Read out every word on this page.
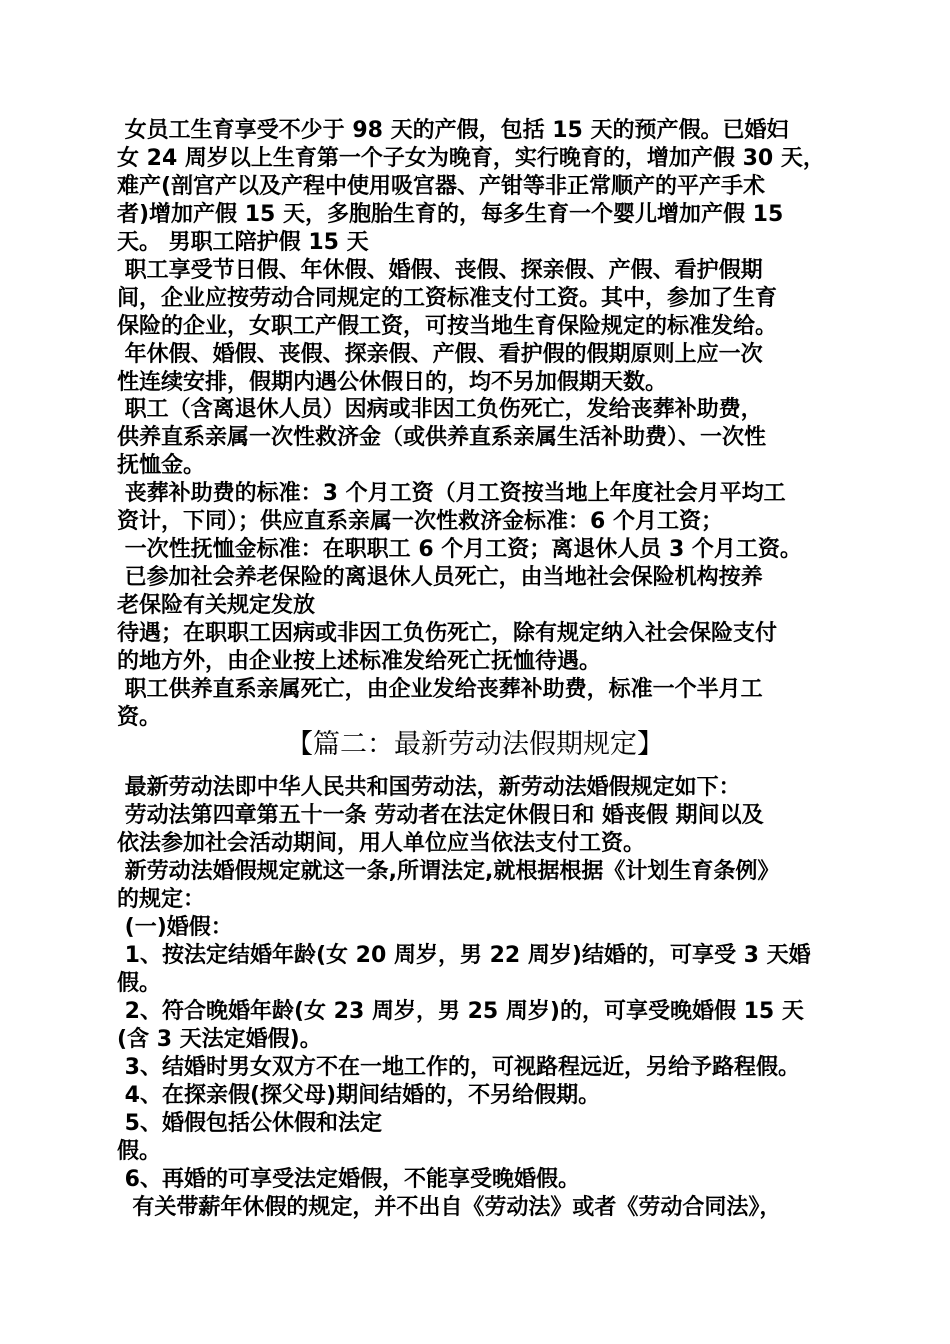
女员工生育享受不少于 98 天的产假，包括 15 天的预产假。已婚妇
女 24 周岁以上生育第一个子女为晚育，实行晚育的，增加产假 30 天，
难产(剖宫产以及产程中使用吸宫器、产钳等非正常顺产的平产手术
者)增加产假 15 天，多胞胎生育的，每多生育一个婴儿增加产假 15
天。 男职工陪护假 15 天
职工享受节日假、年休假、婚假、丧假、探亲假、产假、看护假期
间，企业应按劳动合同规定的工资标准支付工资。其中，参加了生育
保险的企业，女职工产假工资，可按当地生育保险规定的标准发给。
年休假、婚假、丧假、探亲假、产假、看护假的假期原则上应一次
性连续安排，假期内遇公休假日的，均不另加假期天数。
职工（含离退休人员）因病或非因工负伤死亡，发给丧葬补助费，
供养直系亲属一次性救济金（或供养直系亲属生活补助费）、一次性
抚恤金。
丧葬补助费的标准：3 个月工资（月工资按当地上年度社会月平均工
资计，下同）；供应直系亲属一次性救济金标准：6 个月工资；
一次性抚恤金标准：在职职工 6 个月工资；离退休人员 3 个月工资。
已参加社会养老保险的离退休人员死亡，由当地社会保险机构按养
老保险有关规定发放
待遇；在职职工因病或非因工负伤死亡，除有规定纳入社会保险支付
的地方外，由企业按上述标准发给死亡抚恤待遇。
职工供养直系亲属死亡，由企业发给丧葬补助费，标准一个半月工
资。
【篇二：最新劳动法假期规定】
最新劳动法即中华人民共和国劳动法，新劳动法婚假规定如下：
劳动法第四章第五十一条 劳动者在法定休假日和 婚丧假 期间以及
依法参加社会活动期间，用人单位应当依法支付工资。
新劳动法婚假规定就这一条,所谓法定,就根据根据《计划生育条例》
的规定：
(一)婚假：
1、按法定结婚年龄(女 20 周岁，男 22 周岁)结婚的，可享受 3 天婚
假。
2、符合晚婚年龄(女 23 周岁，男 25 周岁)的，可享受晚婚假 15 天
(含 3 天法定婚假)。
3、结婚时男女双方不在一地工作的，可视路程远近，另给予路程假。
4、在探亲假(探父母)期间结婚的，不另给假期。
5、婚假包括公休假和法定
假。
6、再婚的可享受法定婚假，不能享受晚婚假。
有关带薪年休假的规定，并不出自《劳动法》或者《劳动合同法》，
